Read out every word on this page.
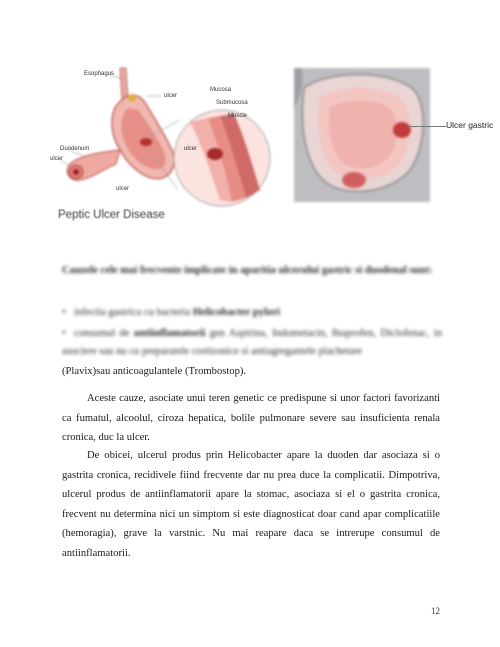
Esophagus
ulcer
Mucosa
Submucosa
Muscle
Duodenum
ulcer
ulcer
ulcer
Peptic Ulcer Disease
Ulcer gastric
Cauzele cele mai frecvente implicate in aparitia ulcerului gastric si duodenal sunt:
• infectia gastrica cu bacteria Helicobacter pylori
• consumul de antiinflamatorii gen Aspirina, Indometacin, Ibuprofen, Diclofenac, in asociere sau nu cu preparatele cortizonice si antiagregantele plachetare
(Plavix)sau anticoagulantele (Trombostop).

Aceste cauze, asociate unui teren genetic ce predispune si unor factori favorizanti ca fumatul, alcoolul, ciroza hepatica, bolile pulmonare severe sau insuficienta renala cronica, duc la ulcer.

De obicei, ulcerul produs prin Helicobacter apare la duoden dar asociaza si o gastrita cronica, recidivele fiind frecvente dar nu prea duce la complicatii. Dimpotriva, ulcerul produs de antiinflamatorii apare la stomac, asociaza si el o gastrita cronica, frecvent nu determina nici un simptom si este diagnosticat doar cand apar complicatiile (hemoragia), grave la varstnic. Nu mai reapare daca se intrerupe consumul de antiinflamatorii.

12
